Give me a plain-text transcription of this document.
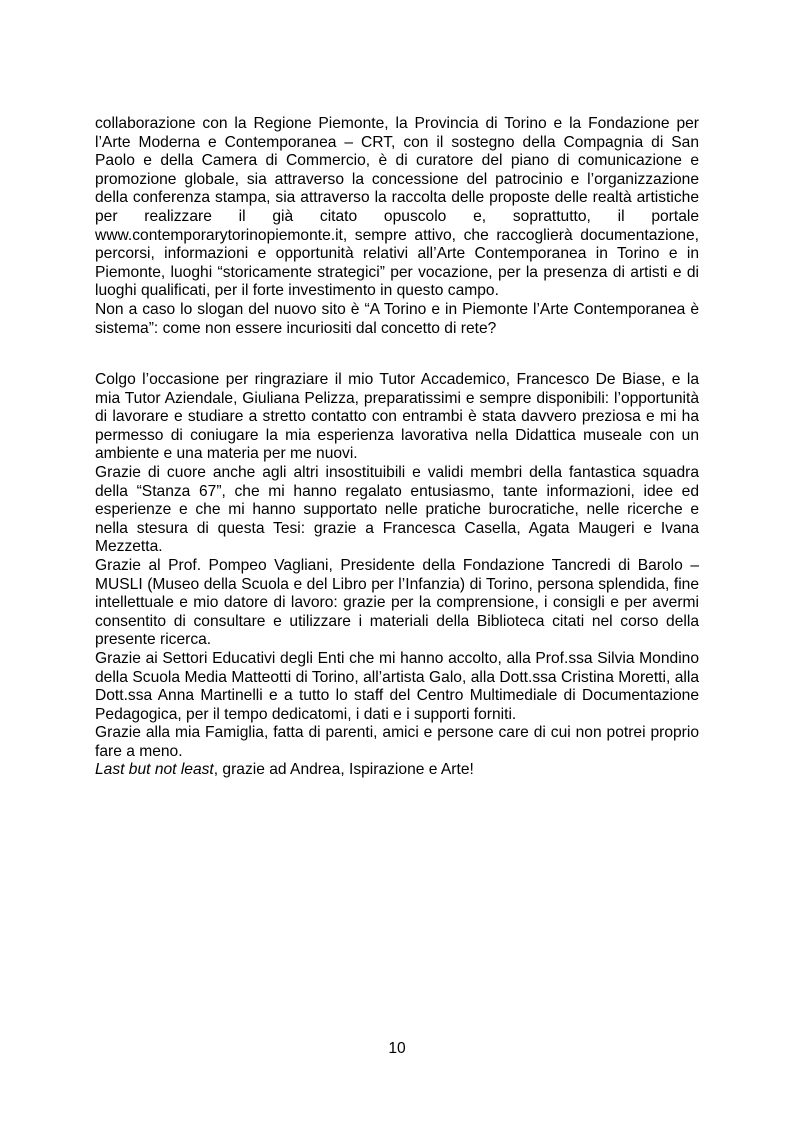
collaborazione con la Regione Piemonte, la Provincia di Torino e la Fondazione per l’Arte Moderna e Contemporanea – CRT, con il sostegno della Compagnia di San Paolo e della Camera di Commercio, è di curatore del piano di comunicazione e promozione globale, sia attraverso la concessione del patrocinio e l’organizzazione della conferenza stampa, sia attraverso la raccolta delle proposte delle realtà artistiche per realizzare il già citato opuscolo e, soprattutto, il portale www.contemporarytorinopiemonte.it, sempre attivo, che raccoglierà documentazione, percorsi, informazioni e opportunità relativi all’Arte Contemporanea in Torino e in Piemonte, luoghi “storicamente strategici” per vocazione, per la presenza di artisti e di luoghi qualificati, per il forte investimento in questo campo.

Non a caso lo slogan del nuovo sito è “A Torino e in Piemonte l’Arte Contemporanea è sistema”: come non essere incuriositi dal concetto di rete?

Colgo l’occasione per ringraziare il mio Tutor Accademico, Francesco De Biase, e la mia Tutor Aziendale, Giuliana Pelizza, preparatissimi e sempre disponibili: l’opportunità di lavorare e studiare a stretto contatto con entrambi è stata davvero preziosa e mi ha permesso di coniugare la mia esperienza lavorativa nella Didattica museale con un ambiente e una materia per me nuovi.

Grazie di cuore anche agli altri insostituibili e validi membri della fantastica squadra della “Stanza 67”, che mi hanno regalato entusiasmo, tante informazioni, idee ed esperienze e che mi hanno supportato nelle pratiche burocratiche, nelle ricerche e nella stesura di questa Tesi: grazie a Francesca Casella, Agata Maugeri e Ivana Mezzetta.

Grazie al Prof. Pompeo Vagliani, Presidente della Fondazione Tancredi di Barolo – MUSLI (Museo della Scuola e del Libro per l’Infanzia) di Torino, persona splendida, fine intellettuale e mio datore di lavoro: grazie per la comprensione, i consigli e per avermi consentito di consultare e utilizzare i materiali della Biblioteca citati nel corso della presente ricerca.

Grazie ai Settori Educativi degli Enti che mi hanno accolto, alla Prof.ssa Silvia Mondino della Scuola Media Matteotti di Torino, all’artista Galo, alla Dott.ssa Cristina Moretti, alla Dott.ssa Anna Martinelli e a tutto lo staff del Centro Multimediale di Documentazione Pedagogica, per il tempo dedicatomi, i dati e i supporti forniti.

Grazie alla mia Famiglia, fatta di parenti, amici e persone care di cui non potrei proprio fare a meno.

Last but not least, grazie ad Andrea, Ispirazione e Arte!

10
